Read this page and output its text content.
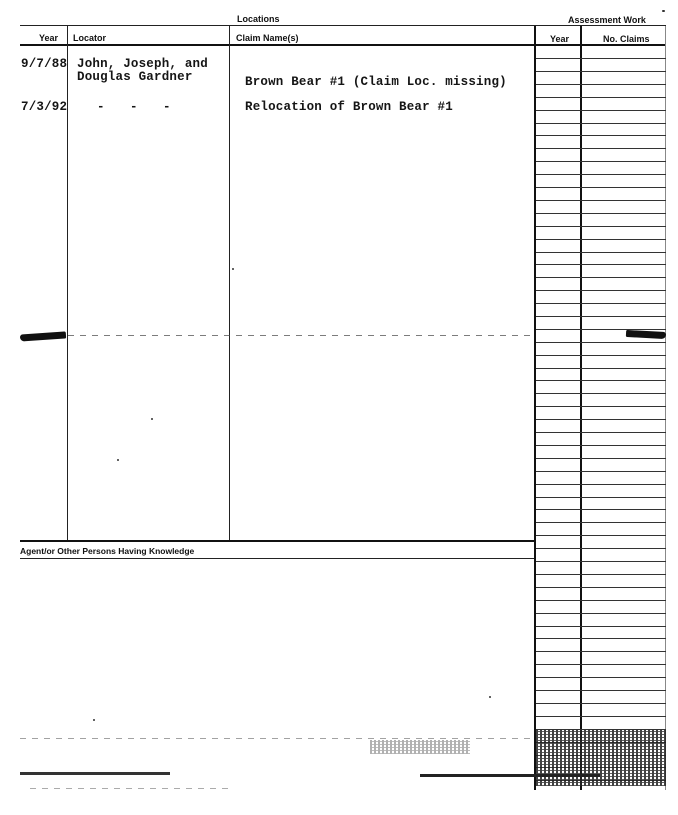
Locations	Assessment Work
Year Locator	Claim Name(s)	Year	No. Claims
9/7/88 John, Joseph, and
Douglas Gardner	Brown Bear #1 (Claim Loc. missing)
7/3/92 - - -	Relocation of Brown Bear #1
Agent/or Other Persons Having Knowledge
